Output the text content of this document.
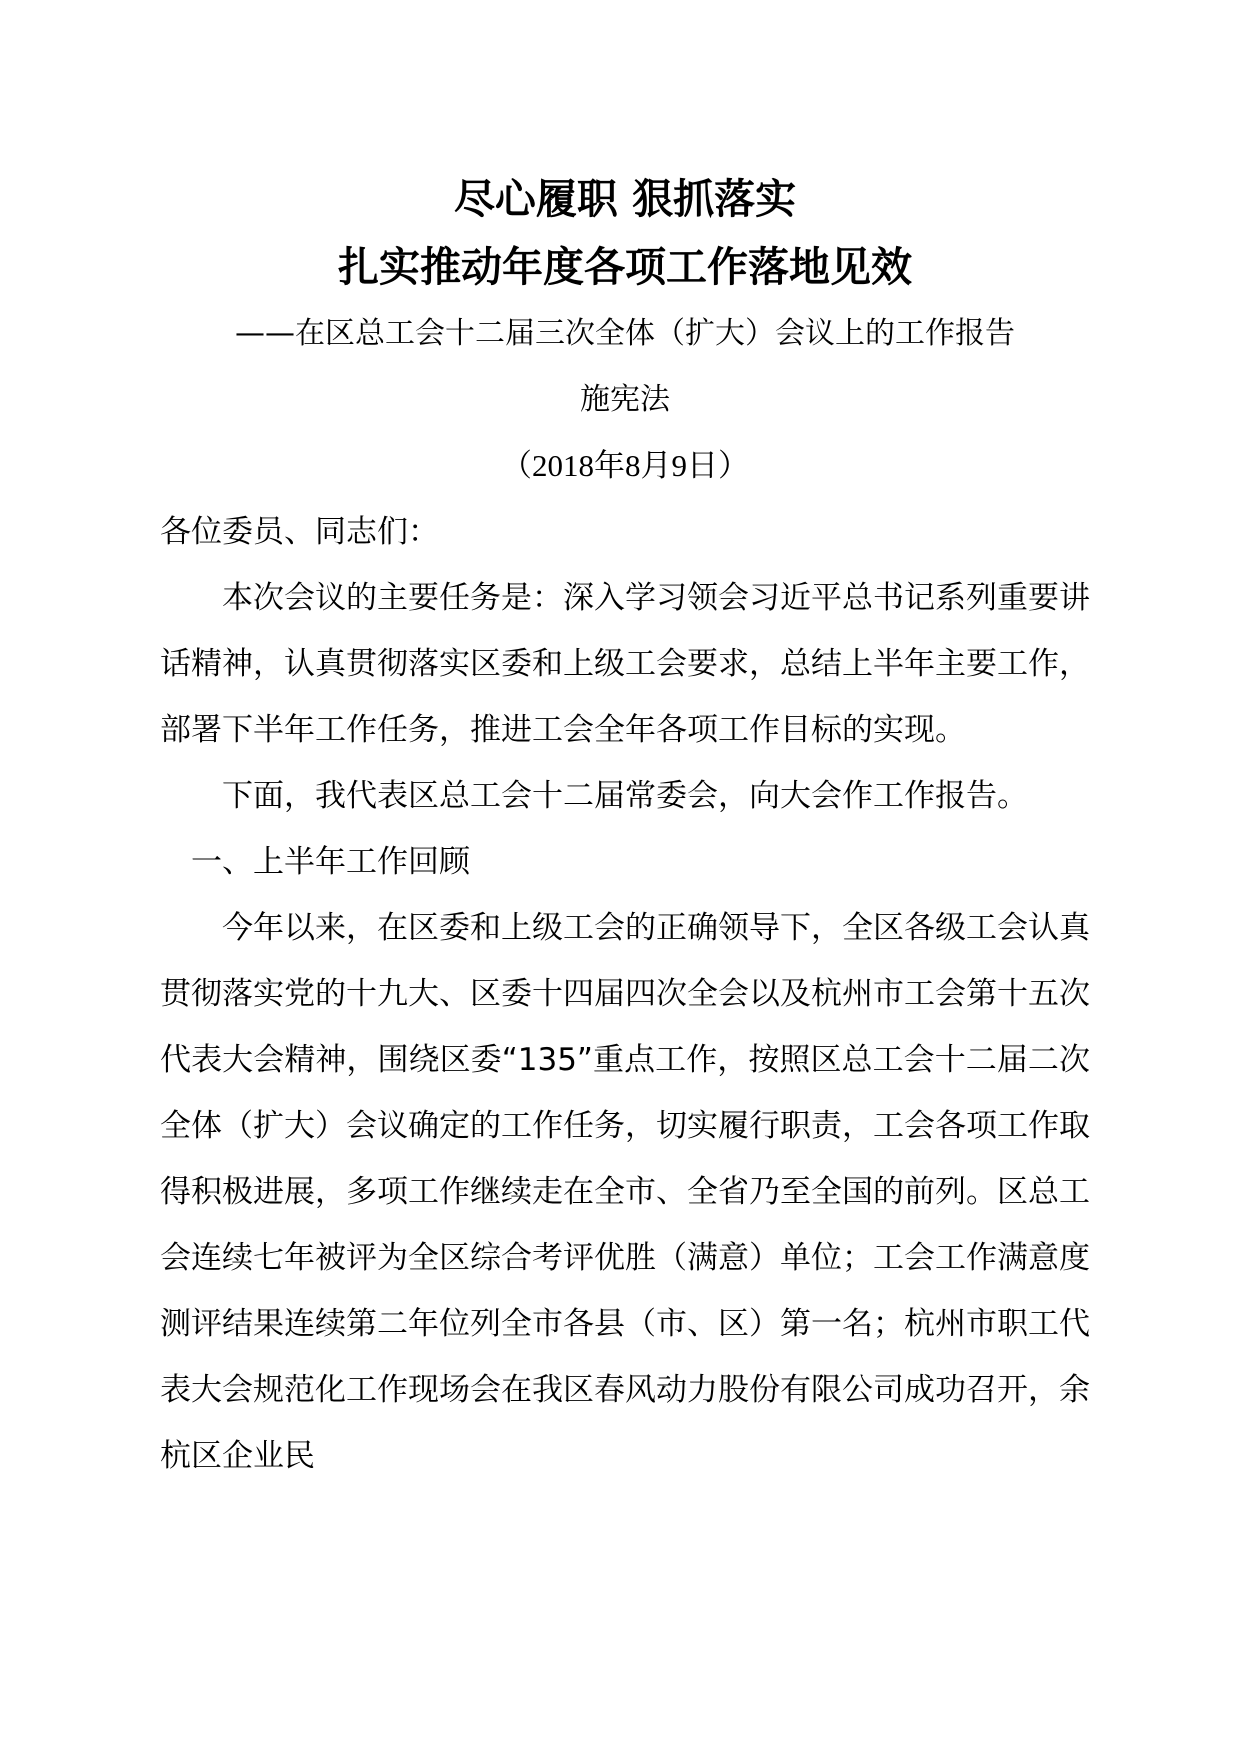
尽心履职 狠抓落实
扎实推动年度各项工作落地见效

——在区总工会十二届三次全体（扩大）会议上的工作报告

施宪法

（2018年8月9日）

各位委员、同志们：

本次会议的主要任务是：深入学习领会习近平总书记系列重要讲话精神，认真贯彻落实区委和上级工会要求，总结上半年主要工作，部署下半年工作任务，推进工会全年各项工作目标的实现。

下面，我代表区总工会十二届常委会，向大会作工作报告。

一、上半年工作回顾

今年以来，在区委和上级工会的正确领导下，全区各级工会认真贯彻落实党的十九大、区委十四届四次全会以及杭州市工会第十五次代表大会精神，围绕区委“135”重点工作，按照区总工会十二届二次全体（扩大）会议确定的工作任务，切实履行职责，工会各项工作取得积极进展，多项工作继续走在全市、全省乃至全国的前列。区总工会连续七年被评为全区综合考评优胜（满意）单位；工会工作满意度测评结果连续第二年位列全市各县（市、区）第一名；杭州市职工代表大会规范化工作现场会在我区春风动力股份有限公司成功召开，余杭区企业民
